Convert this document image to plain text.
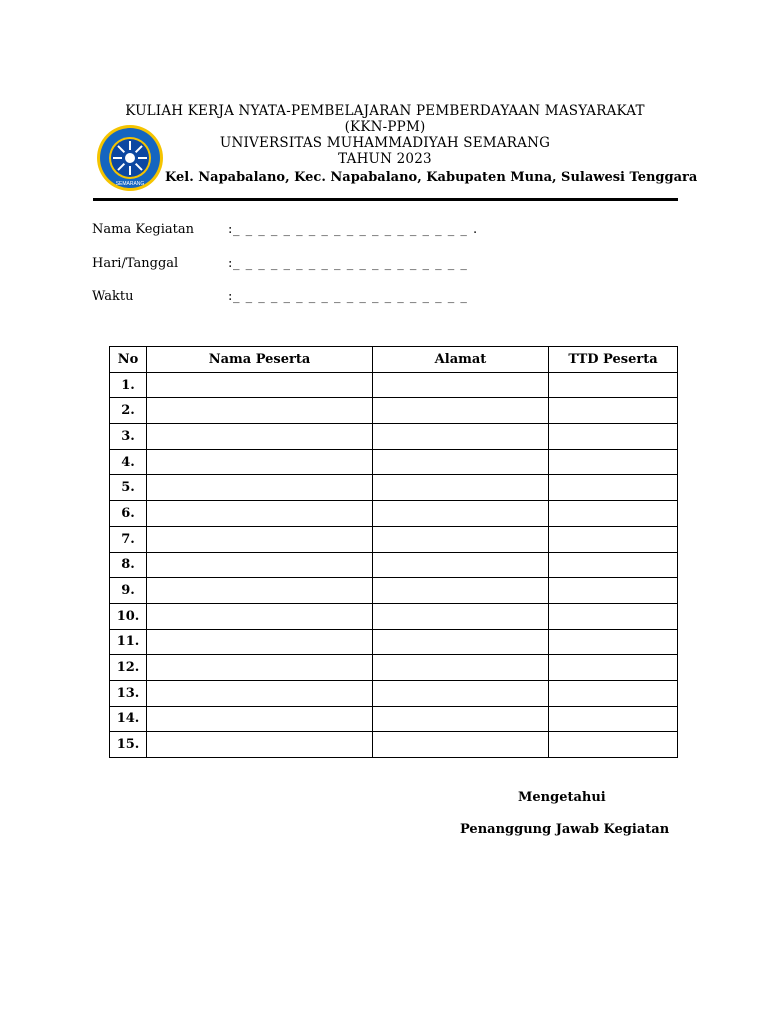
SEMARANG
KULIAH KERJA NYATA-PEMBELAJARAN PEMBERDAYAAN MASYARAKAT
(KKN-PPM)
UNIVERSITAS MUHAMMADIYAH SEMARANG
TAHUN 2023
Kel. Napabalano, Kec. Napabalano, Kabupaten Muna, Sulawesi Tenggara
Nama Kegiatan	: _ _ _ _ _ _ _ _ _ _ _ _ _ _ _ _ _ _ _ .
Hari/Tanggal	: _ _ _ _ _ _ _ _ _ _ _ _ _ _ _ _ _ _ _
Waktu	: _ _ _ _ _ _ _ _ _ _ _ _ _ _ _ _ _ _ _
No	Nama Peserta	Alamat	TTD Peserta
1.			
2.			
3.			
4.			
5.			
6.			
7.			
8.			
9.			
10.			
11.			
12.			
13.			
14.			
15.			
Mengetahui
Penanggung Jawab Kegiatan
